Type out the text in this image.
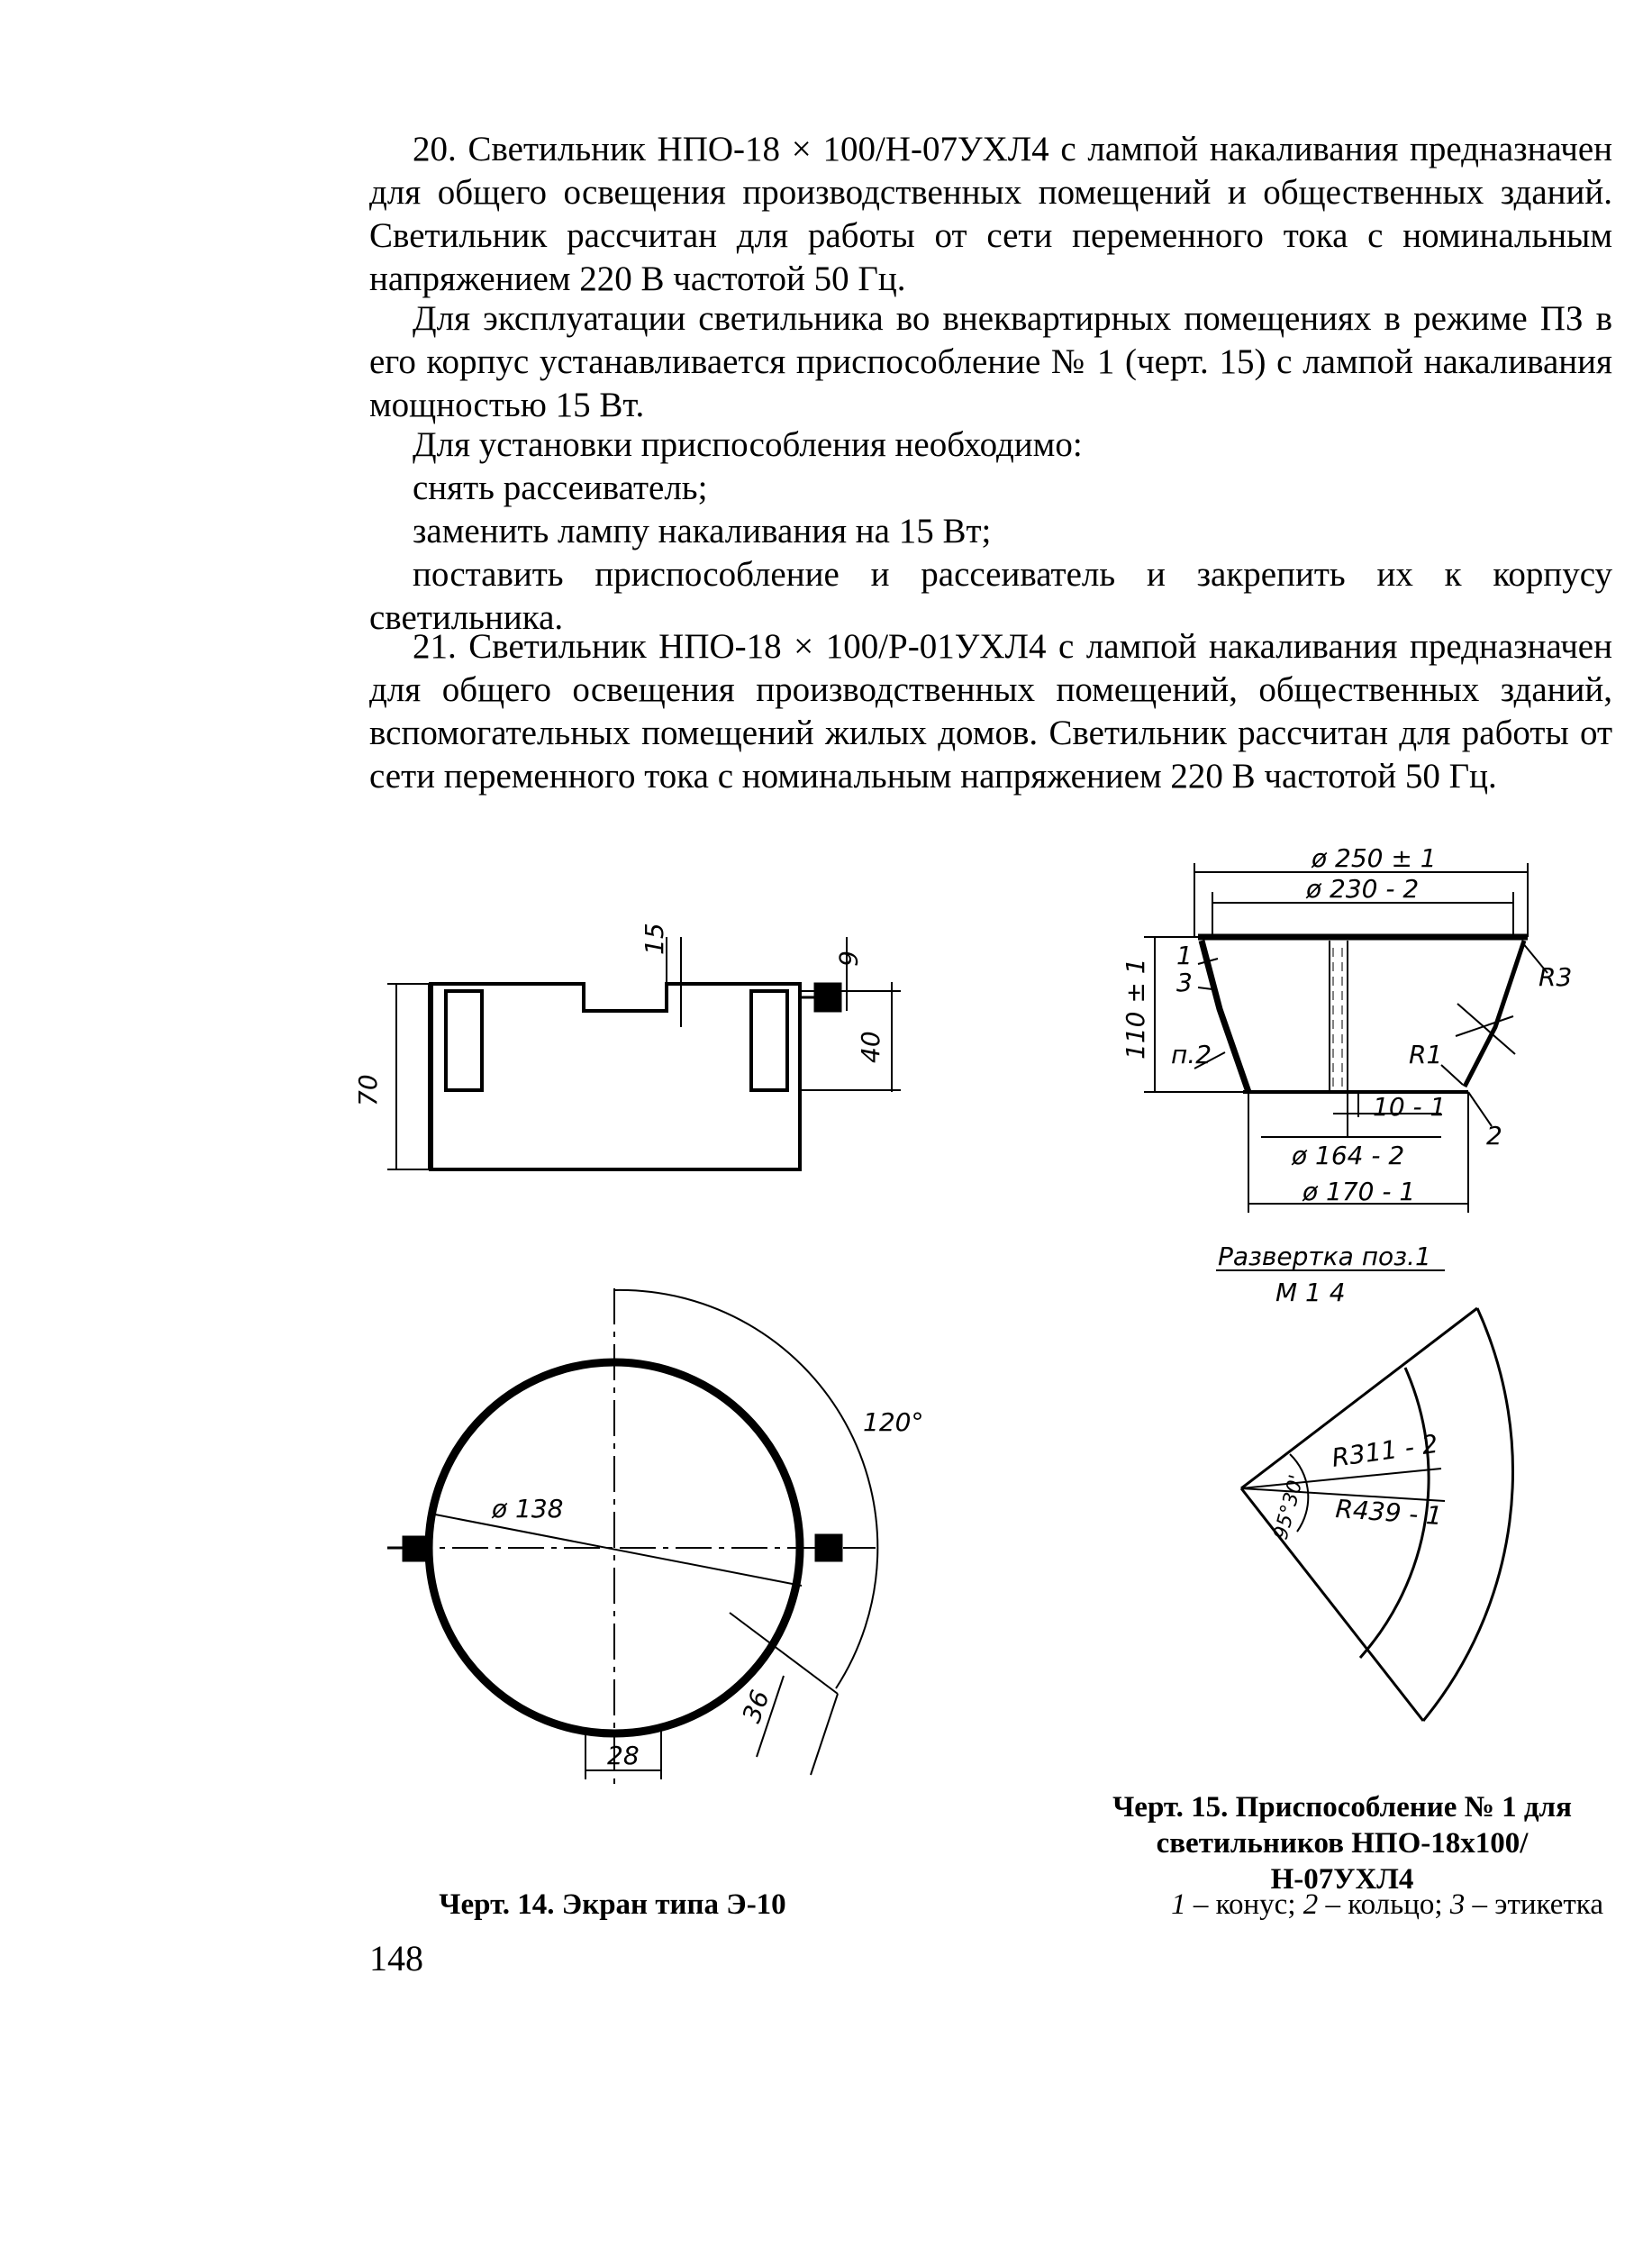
20. Светильник НПО-18 × 100/Н-07УХЛ4 с лампой накаливания предназначен для общего освещения производственных помещений и общественных зданий. Светильник рассчитан для работы от сети переменного тока с номинальным напряжением 220 В частотой 50 Гц.

Для эксплуатации светильника во внеквартирных помещениях в режиме ПЗ в его корпус устанавливается приспособление № 1 (черт. 15) с лампой накаливания мощностью 15 Вт.

Для установки приспособления необходимо:

снять рассеиватель;

заменить лампу накаливания на 15 Вт;

поставить приспособление и рассеиватель и закрепить их к корпусу светильника.

21. Светильник НПО-18 × 100/Р-01УХЛ4 с лампой накаливания предназначен для общего освещения производственных помещений, общественных зданий, вспомогательных помещений жилых домов. Светильник рассчитан для работы от сети переменного тока с номинальным напряжением 220 В частотой 50 Гц.

70
15
6
40
ø 138
120°
36
28
ø 250 ± 1
ø 230 - 2
110 ± 1
1
3
п.2
R3
R1
2
10 - 1
ø 164 - 2
ø 170 - 1
Развертка поз.1
М 1 4
R311 - 2
R439 - 1
95°30'
Черт. 14. Экран типа Э-10
Черт. 15. Приспособление № 1 для светильников НПО-18x100/Н-07УХЛ4
1 – конус; 2 – кольцо; 3 – этикетка
148
